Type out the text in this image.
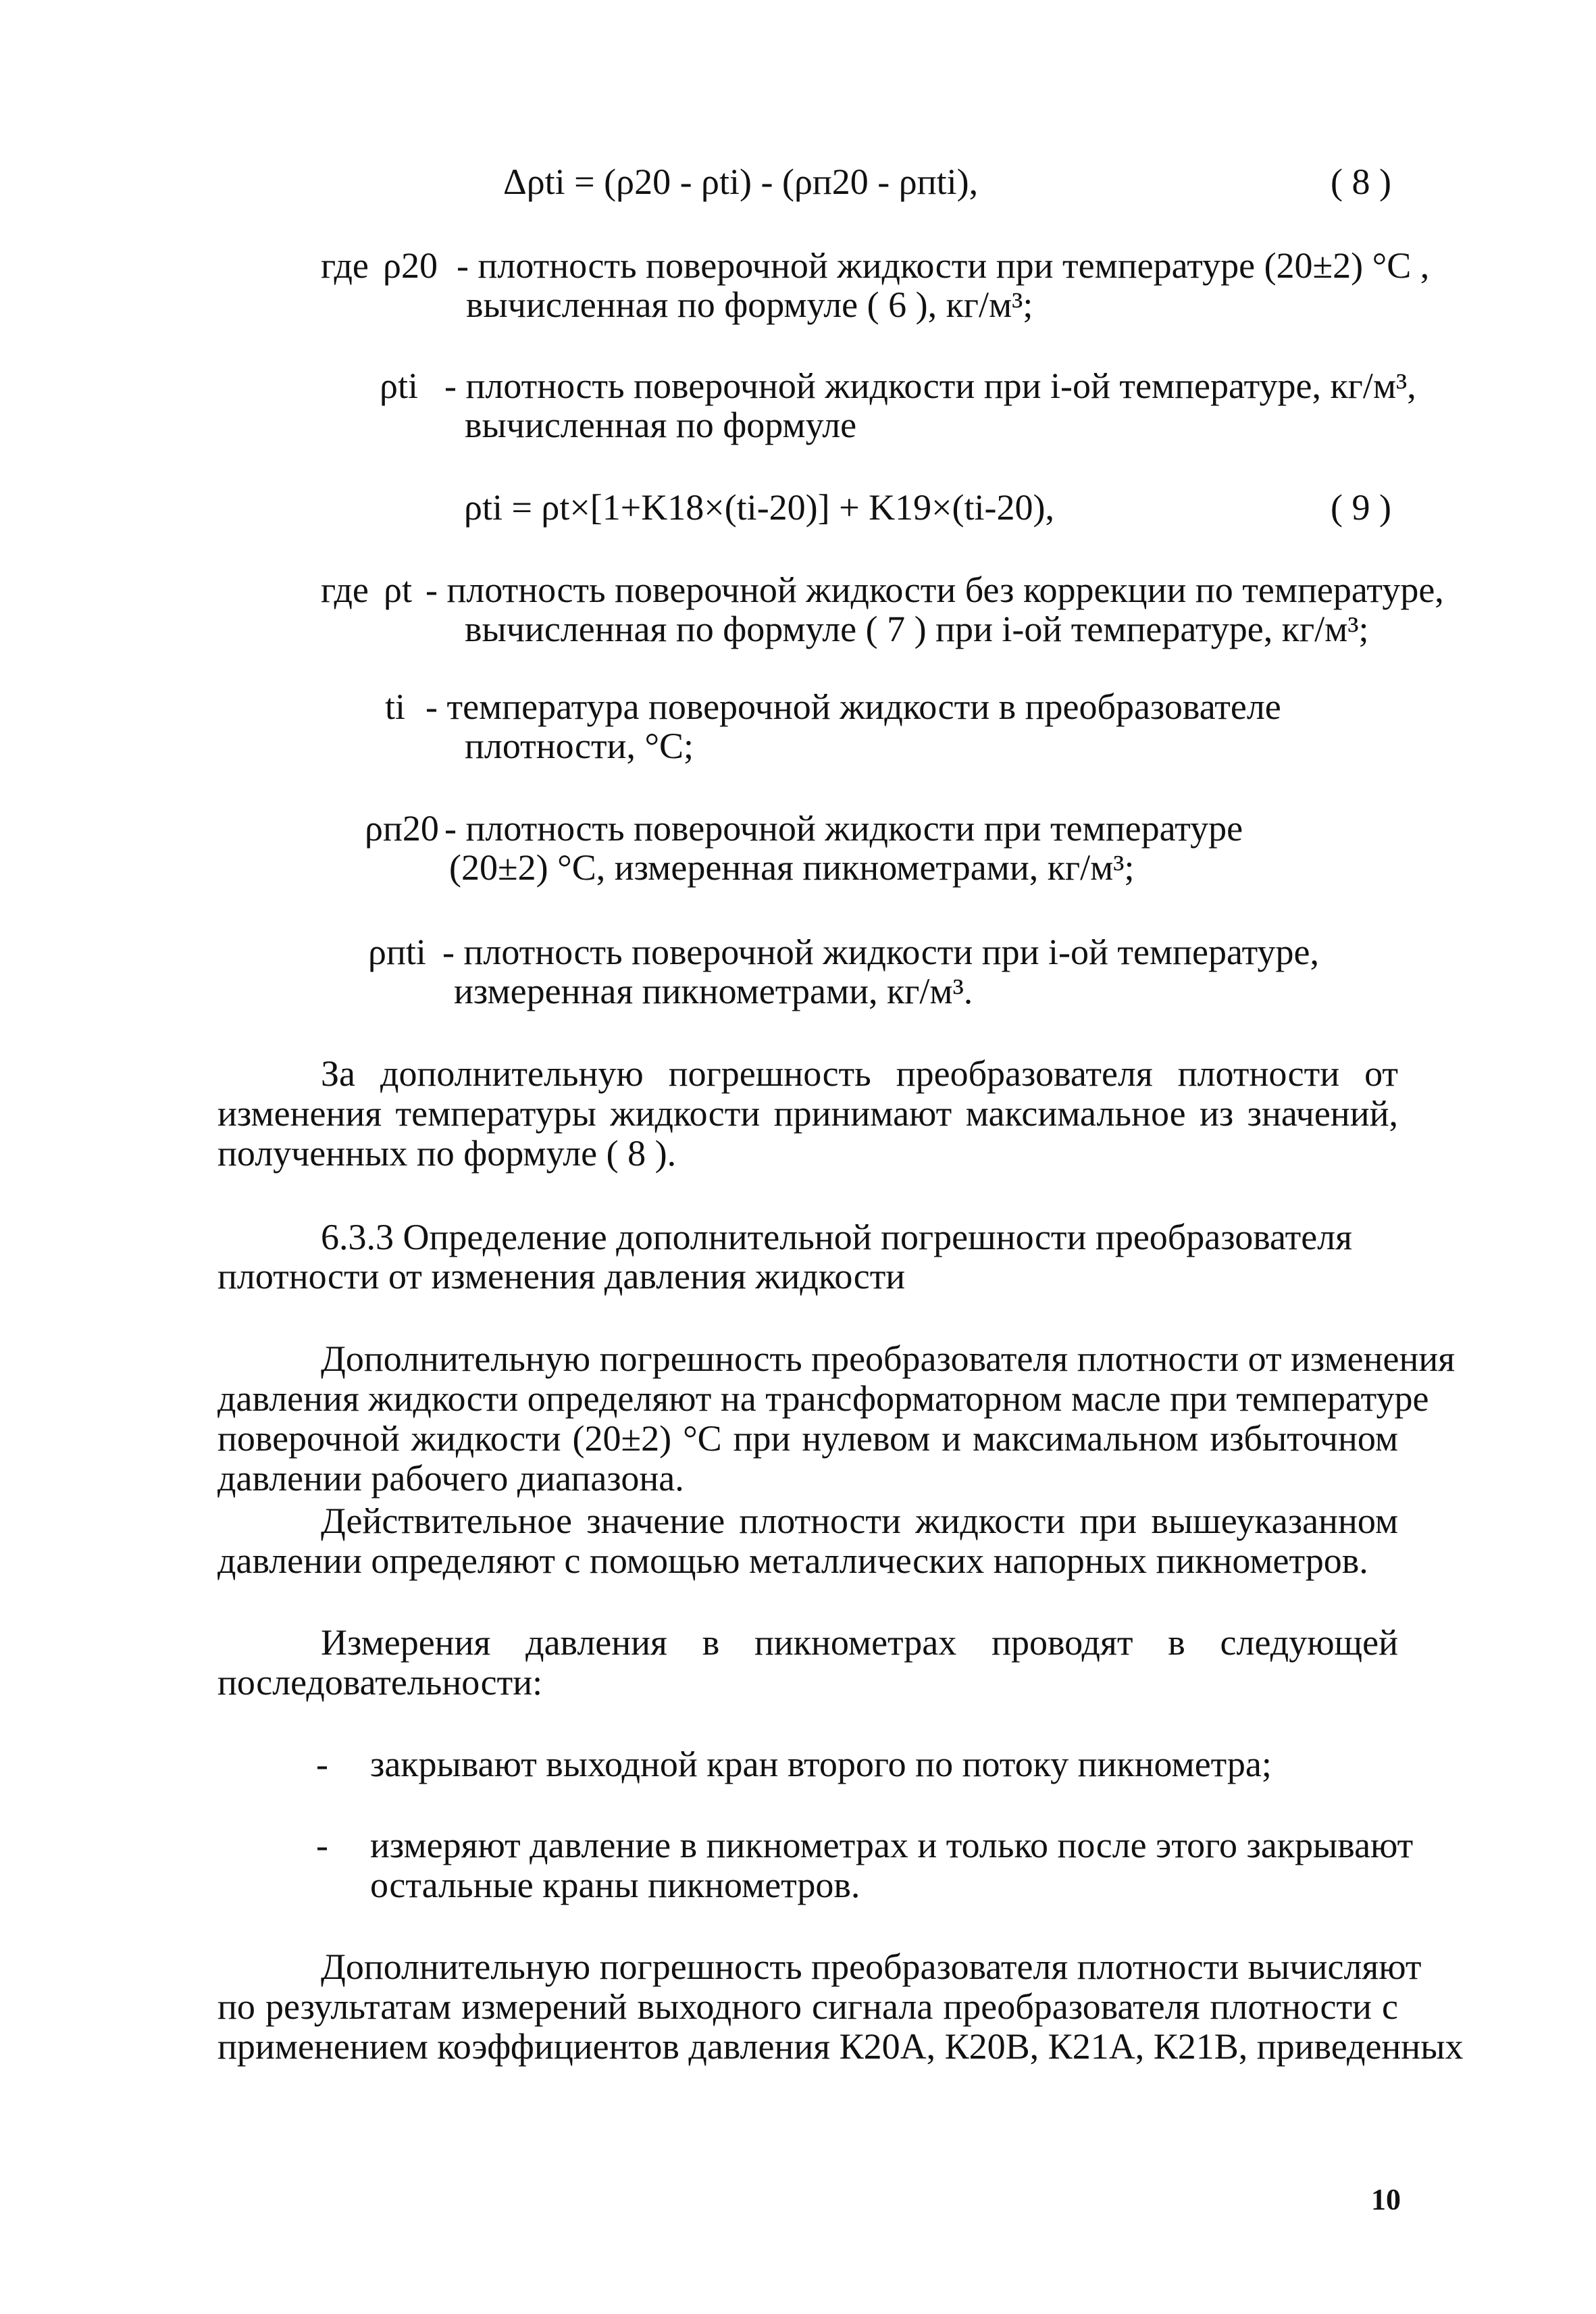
Δρti = (ρ20 - ρti) - (ρп20 - ρпti),	( 8 )
где ρ20 - плотность поверочной жидкости при температуре (20±2) °С ,
вычисленная по формуле ( 6 ), кг/м³;
ρti - плотность поверочной жидкости при i-ой температуре, кг/м³,
вычисленная по формуле
ρti = ρt×[1+K18×(ti-20)] + K19×(ti-20),	( 9 )
где ρt - плотность поверочной жидкости без коррекции по температуре,
вычисленная по формуле ( 7 ) при i-ой температуре, кг/м³;
ti - температура поверочной жидкости в преобразователе
плотности, °С;
ρп20 - плотность поверочной жидкости при температуре
(20±2) °С, измеренная пикнометрами, кг/м³;
ρпti - плотность поверочной жидкости при i-ой температуре,
измеренная пикнометрами, кг/м³.
За дополнительную погрешность преобразователя плотности от
изменения температуры жидкости принимают максимальное из значений,
полученных по формуле ( 8 ).
6.3.3 Определение дополнительной погрешности преобразователя
плотности от изменения давления жидкости
Дополнительную погрешность преобразователя плотности от изменения
давления жидкости определяют на трансформаторном масле при температуре
поверочной жидкости (20±2) °С при нулевом и максимальном избыточном
давлении рабочего диапазона.
Действительное значение плотности жидкости при вышеуказанном
давлении определяют с помощью металлических напорных пикнометров.
Измерения давления в пикнометрах проводят в следующей
последовательности:
- закрывают выходной кран второго по потоку пикнометра;
- измеряют давление в пикнометрах и только после этого закрывают
остальные краны пикнометров.
Дополнительную погрешность преобразователя плотности вычисляют
по результатам измерений выходного сигнала преобразователя плотности с
применением коэффициентов давления К20А, К20В, К21А, К21В, приведенных
10
